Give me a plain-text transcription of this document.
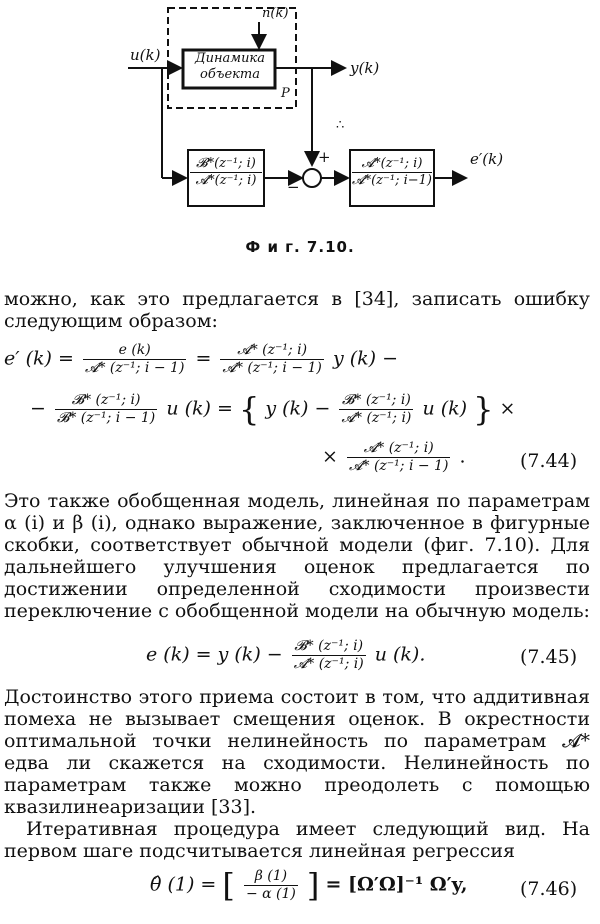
u(k)
n(k)
y(k)
P
∴
+
−
e′(k)
Динамика
объекта
𝓑*(z⁻¹; i)
𝓐*(z⁻¹; i)
𝓐*(z⁻¹; i)
𝓐*(z⁻¹; i−1)
Ф и г. 7.10.
можно, как это предлагается в [34], записать ошибку следующим образом:
e′ $(k) = \frac{e (k)}{\text{𝓐* (z⁻¹; i − 1)}} = \frac{\text{𝓐* (z⁻¹; i)}}{\text{𝓐* (z⁻¹; i − 1)}}$ y (k) −
− $\frac{\text{𝓑* (z⁻¹; i)}}{\text{𝓑* (z⁻¹; i − 1)}}$ u (k) = { y $(k) - \frac{\text{𝓑* (z⁻¹; i)}}{\text{𝓐* (z⁻¹; i)}}$ u (k) } ×
× $\frac{\text{𝓐* (z⁻¹; i)}}{\text{𝓐* (z⁻¹; i − 1)}}$ .	(7.44)
Это также обобщенная модель, линейная по параметрам α (i) и β (i), однако выражение, заключенное в фигурные скобки, соответствует обычной модели (фиг. 7.10). Для дальнейшего улучшения оценок предлагается по достижении определенной сходимости произвести переключение с обобщенной модели на обычную модель:
e (k) = y $(k) - \frac{\text{𝓑* (z⁻¹; i)}}{\text{𝓐* (z⁻¹; i)}}$ u (k).	(7.45)
Достоинство этого приема состоит в том, что аддитивная помеха не вызывает смещения оценок. В окрестности оптимальной точки нелинейность по параметрам 𝓐* едва ли скажется на сходимости. Нелинейность по параметрам также можно преодолеть с помощью квазилинеаризации [33].
Итеративная процедура имеет следующий вид. На первом шаге подсчитывается линейная регрессия
θ̂ (1) = [ $\frac{\beta (1)}{- \alpha (1)}$ ] = [Ω′Ω]⁻¹ Ω′y,	(7.46)
